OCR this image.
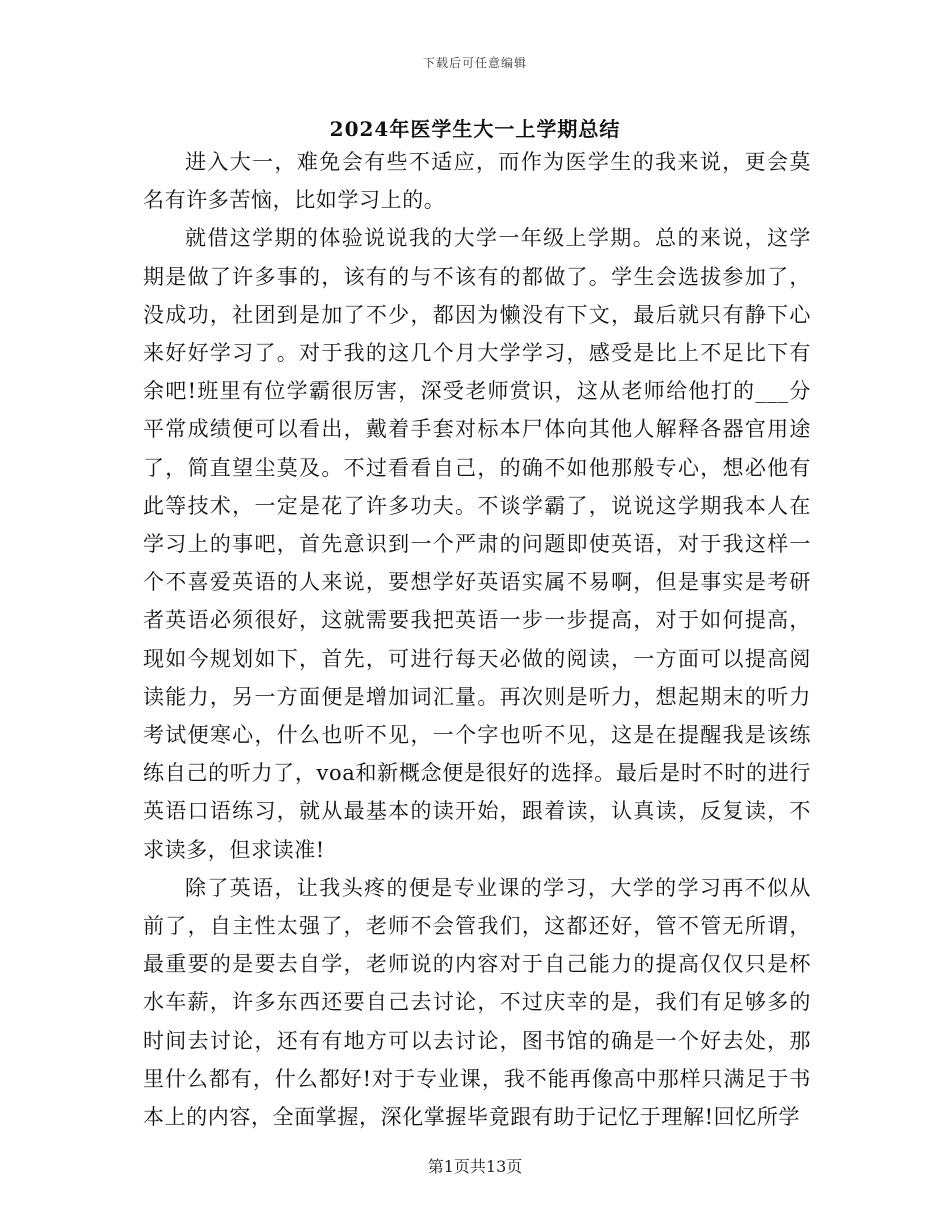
下载后可任意编辑
2024年医学生大一上学期总结

进入大一，难免会有些不适应，而作为医学生的我来说，更会莫名有许多苦恼，比如学习上的。

就借这学期的体验说说我的大学一年级上学期。总的来说，这学期是做了许多事的，该有的与不该有的都做了。学生会选拔参加了，没成功，社团到是加了不少，都因为懒没有下文，最后就只有静下心来好好学习了。对于我的这几个月大学学习，感受是比上不足比下有余吧!班里有位学霸很厉害，深受老师赏识，这从老师给他打的___分平常成绩便可以看出，戴着手套对标本尸体向其他人解释各器官用途了，简直望尘莫及。不过看看自己，的确不如他那般专心，想必他有此等技术，一定是花了许多功夫。不谈学霸了，说说这学期我本人在学习上的事吧，首先意识到一个严肃的问题即使英语，对于我这样一个不喜爱英语的人来说，要想学好英语实属不易啊，但是事实是考研者英语必须很好，这就需要我把英语一步一步提高，对于如何提高，现如今规划如下，首先，可进行每天必做的阅读，一方面可以提高阅读能力，另一方面便是增加词汇量。再次则是听力，想起期末的听力考试便寒心，什么也听不见，一个字也听不见，这是在提醒我是该练练自己的听力了，voa和新概念便是很好的选择。最后是时不时的进行英语口语练习，就从最基本的读开始，跟着读，认真读，反复读，不求读多，但求读准!

除了英语，让我头疼的便是专业课的学习，大学的学习再不似从前了，自主性太强了，老师不会管我们，这都还好，管不管无所谓，最重要的是要去自学，老师说的内容对于自己能力的提高仅仅只是杯水车薪，许多东西还要自己去讨论，不过庆幸的是，我们有足够多的时间去讨论，还有有地方可以去讨论，图书馆的确是一个好去处，那里什么都有，什么都好!对于专业课，我不能再像高中那样只满足于书本上的内容，全面掌握，深化掌握毕竟跟有助于记忆于理解!回忆所学

第1页共13页
